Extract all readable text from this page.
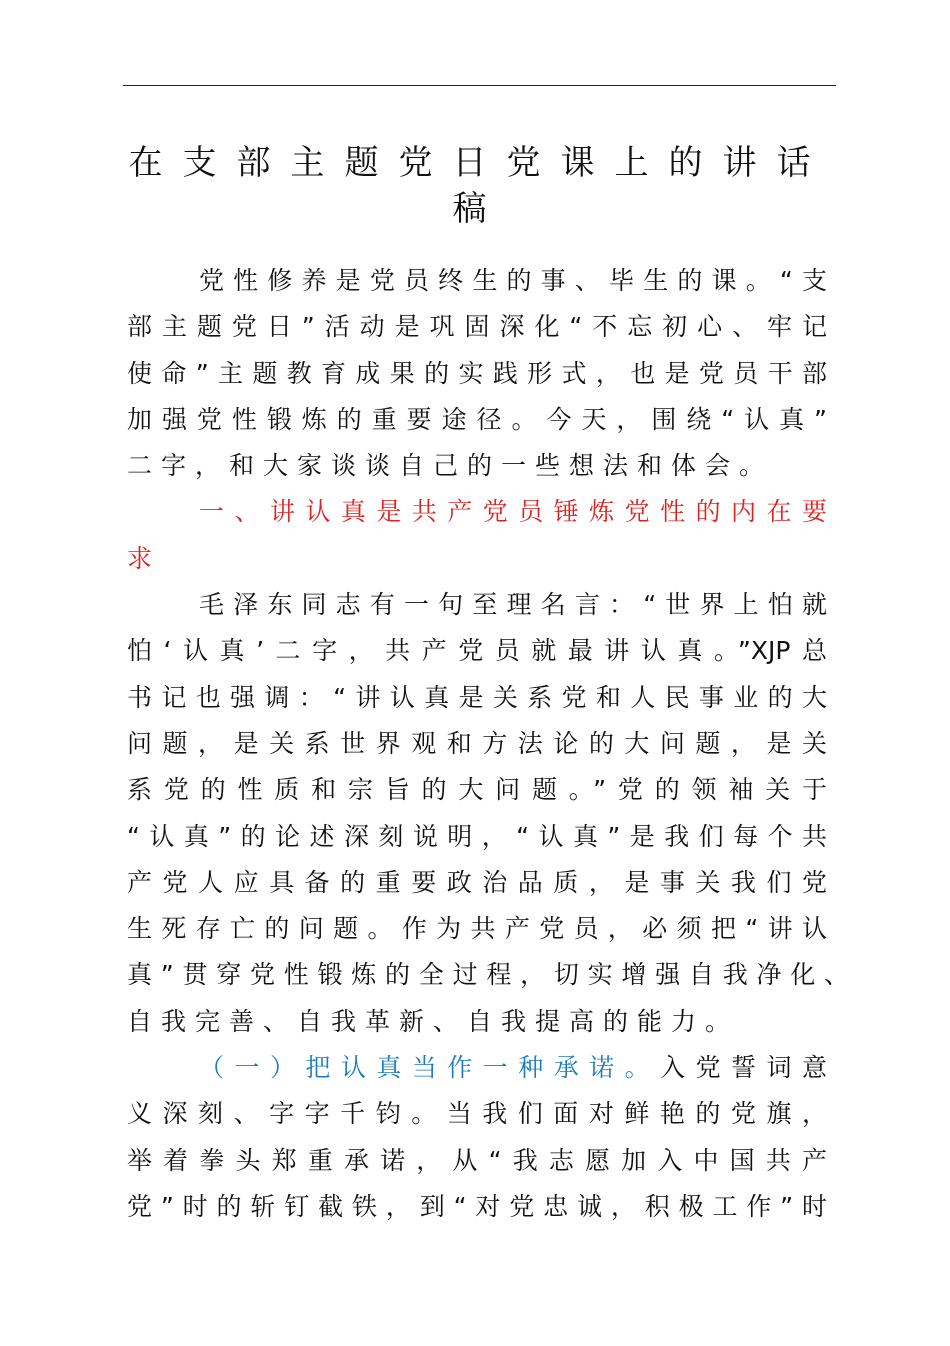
在支部主题党日党课上的讲话
稿
党性修养是党员终生的事、毕生的课。“支
部主题党日”活动是巩固深化“不忘初心、牢记
使命”主题教育成果的实践形式，也是党员干部
加强党性锻炼的重要途径。今天，围绕“认真”
二字，和大家谈谈自己的一些想法和体会。
一、讲认真是共产党员锤炼党性的内在要
求
毛泽东同志有一句至理名言：“世界上怕就
怕‘认真’二字，共产党员就最讲认真。”XJP总
书记也强调：“讲认真是关系党和人民事业的大
问题，是关系世界观和方法论的大问题，是关
系党的性质和宗旨的大问题。”党的领袖关于
“认真”的论述深刻说明，“认真”是我们每个共
产党人应具备的重要政治品质，是事关我们党
生死存亡的问题。作为共产党员，必须把“讲认
真”贯穿党性锻炼的全过程，切实增强自我净化、
自我完善、自我革新、自我提高的能力。
（一）把认真当作一种承诺。入党誓词意
义深刻、字字千钧。当我们面对鲜艳的党旗，
举着拳头郑重承诺，从“我志愿加入中国共产
党”时的斩钉截铁，到“对党忠诚，积极工作”时
